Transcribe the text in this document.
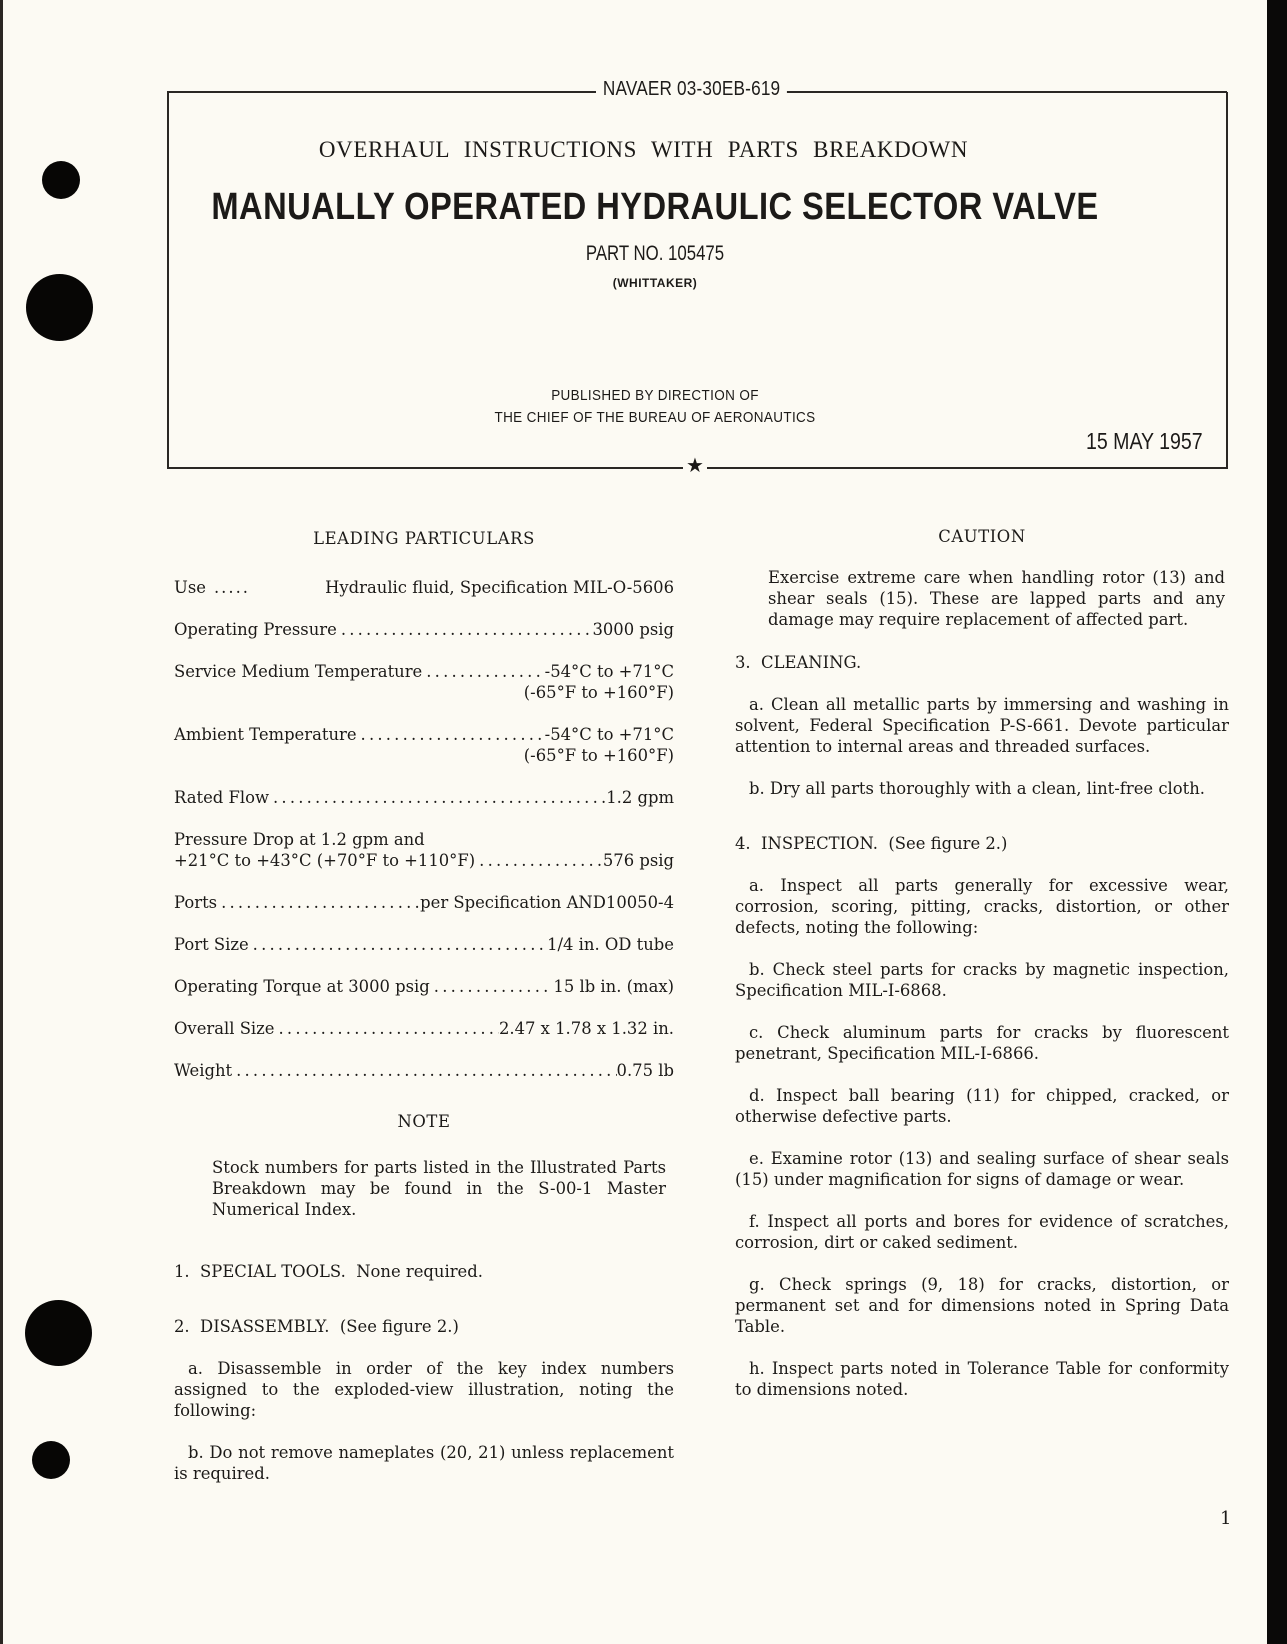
NAVAER 03-30EB-619
OVERHAUL INSTRUCTIONS WITH PARTS BREAKDOWN
MANUALLY OPERATED HYDRAULIC SELECTOR VALVE
PART NO. 105475
(WHITTAKER)
PUBLISHED BY DIRECTION OF
THE CHIEF OF THE BUREAU OF AERONAUTICS
15 MAY 1957
★
LEADING PARTICULARS
Use .....	Hydraulic fluid, Specification MIL-O-5606
Operating Pressure .....	3000 psig
Service Medium Temperature .....	-54°C to +71°C
(-65°F to +160°F)
Ambient Temperature .....	-54°C to +71°C
(-65°F to +160°F)
Rated Flow .....	1.2 gpm
Pressure Drop at 1.2 gpm and
+21°C to +43°C (+70°F to +110°F) .....	576 psig
Ports .....	per Specification AND10050-4
Port Size .....	1/4 in. OD tube
Operating Torque at 3000 psig .....	15 lb in. (max)
Overall Size .....	2.47 x 1.78 x 1.32 in.
Weight .....	0.75 lb
NOTE
Stock numbers for parts listed in the Illustrated Parts Breakdown may be found in the S-00-1 Master Numerical Index.
1.  SPECIAL TOOLS.  None required.
2.  DISASSEMBLY.  (See figure 2.)
a. Disassemble in order of the key index numbers assigned to the exploded-view illustration, noting the following:
b. Do not remove nameplates (20, 21) unless replacement is required.
CAUTION
Exercise extreme care when handling rotor (13) and shear seals (15). These are lapped parts and any damage may require replacement of affected part.
3.  CLEANING.
a. Clean all metallic parts by immersing and washing in solvent, Federal Specification P-S-661. Devote particular attention to internal areas and threaded surfaces.
b. Dry all parts thoroughly with a clean, lint-free cloth.
4.  INSPECTION.  (See figure 2.)
a. Inspect all parts generally for excessive wear, corrosion, scoring, pitting, cracks, distortion, or other defects, noting the following:
b. Check steel parts for cracks by magnetic inspection, Specification MIL-I-6868.
c. Check aluminum parts for cracks by fluorescent penetrant, Specification MIL-I-6866.
d. Inspect ball bearing (11) for chipped, cracked, or otherwise defective parts.
e. Examine rotor (13) and sealing surface of shear seals (15) under magnification for signs of damage or wear.
f. Inspect all ports and bores for evidence of scratches, corrosion, dirt or caked sediment.
g. Check springs (9, 18) for cracks, distortion, or permanent set and for dimensions noted in Spring Data Table.
h. Inspect parts noted in Tolerance Table for conformity to dimensions noted.
1
